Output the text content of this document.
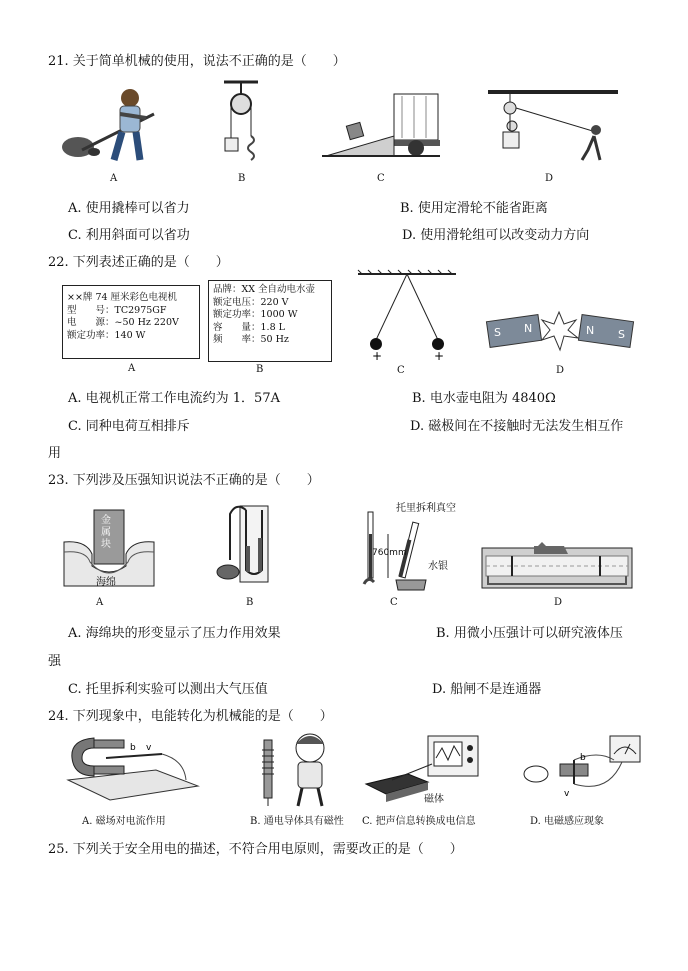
21. 关于简单机械的使用，说法不正确的是（　　）
A	B	C	D
A. 使用撬棒可以省力	B. 使用定滑轮不能省距离
C. 利用斜面可以省功	D. 使用滑轮组可以改变动力方向
22. 下列表述正确的是（　　）
××牌 74 厘米彩色电视机
型　　号：TC2975GF
电　　源：~50 Hz 220V
额定功率：140 W
A
品牌：XX 全自动电水壶
额定电压：220 V
额定功率：1000 W
容　　量：1.8 L
频　　率：50 Hz
B
+	+
C
S N	N S
D
A. 电视机正常工作电流约为 1．57A	B. 电水壶电阻为 4840Ω
C. 同种电荷互相排斥	D. 磁极间在不接触时无法发生相互作
用
23. 下列涉及压强知识说法不正确的是（　　）
金
属
块
海绵
A	B
托里拆利真空
760mm
水银
C	D
A. 海绵块的形变显示了压力作用效果	B. 用微小压强计可以研究液体压
强
C. 托里拆利实验可以测出大气压值	D. 船闸不是连通器
24. 下列现象中，电能转化为机械能的是（　　）
b v
A. 磁场对电流作用	B. 通电导体具有磁性
磁体
C. 把声信息转换成电信息
v
b
D. 电磁感应现象
25. 下列关于安全用电的描述，不符合用电原则，需要改正的是（　　）
